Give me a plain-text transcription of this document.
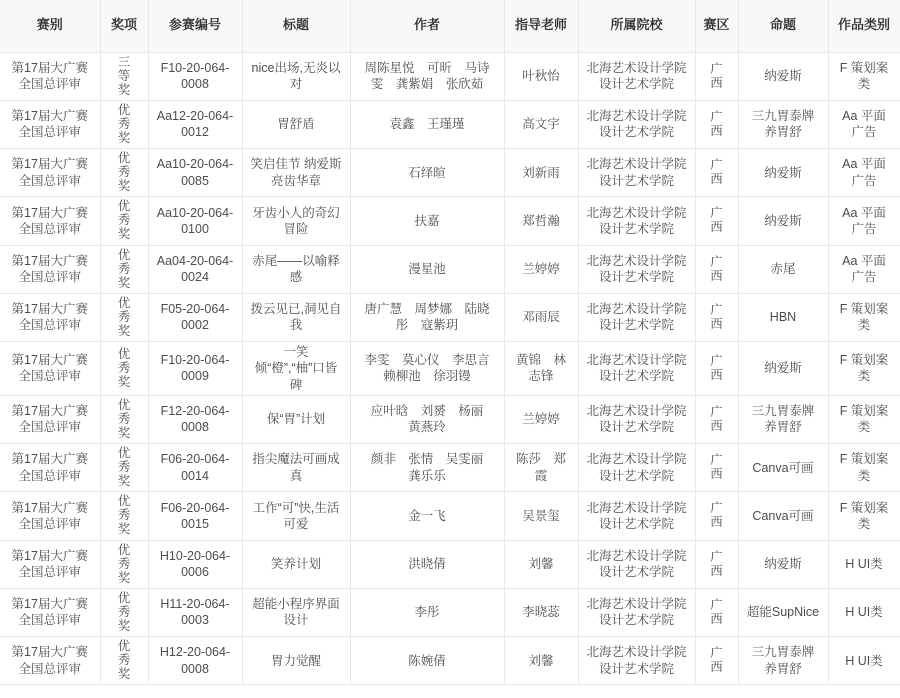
赛别	奖项	参赛编号	标题	作者	指导老师	所属院校	赛区	命题	作品类别
第17届大广赛全国总评审	三等奖	F10-20-064-0008	nice出场,无炎以对	周陈星悦　可昕　马诗雯　龚紫娟　张欣茹	叶秋怡	北海艺术设计学院设计艺术学院	广西	纳爱斯	F 策划案类
第17届大广赛全国总评审	优秀奖	Aa12-20-064-0012	胃舒盾	袁鑫　王瑾瑾	高文宇	北海艺术设计学院设计艺术学院	广西	三九胃泰牌养胃舒	Aa 平面广告
第17届大广赛全国总评审	优秀奖	Aa10-20-064-0085	笑启佳节 纳爱斯亮齿华章	石绎暄	刘新雨	北海艺术设计学院设计艺术学院	广西	纳爱斯	Aa 平面广告
第17届大广赛全国总评审	优秀奖	Aa10-20-064-0100	牙齿小人的奇幻冒险	扶嘉	郑哲瀚	北海艺术设计学院设计艺术学院	广西	纳爱斯	Aa 平面广告
第17届大广赛全国总评审	优秀奖	Aa04-20-064-0024	赤尾——以喻释感	漫星池	兰婷婷	北海艺术设计学院设计艺术学院	广西	赤尾	Aa 平面广告
第17届大广赛全国总评审	优秀奖	F05-20-064-0002	拨云见已,洞见自我	唐广慧　周梦娜　陆晓彤　寇紫玥	邓雨辰	北海艺术设计学院设计艺术学院	广西	HBN	F 策划案类
第17届大广赛全国总评审	优秀奖	F10-20-064-0009	一笑倾“橙”,“柚”口皆碑	李雯　莫心仪　李思言　赖柳池　徐羽镘	黄锦　林志锋	北海艺术设计学院设计艺术学院	广西	纳爱斯	F 策划案类
第17届大广赛全国总评审	优秀奖	F12-20-064-0008	保“胃”计划	应叶晗　刘赟　杨丽　黄燕玲	兰婷婷	北海艺术设计学院设计艺术学院	广西	三九胃泰牌养胃舒	F 策划案类
第17届大广赛全国总评审	优秀奖	F06-20-064-0014	指尖魔法可画成真	颜非　张情　吴雯丽　龚乐乐	陈莎　郑霞	北海艺术设计学院设计艺术学院	广西	Canva可画	F 策划案类
第17届大广赛全国总评审	优秀奖	F06-20-064-0015	工作“可”快,生活可爱	金一飞	吴景玺	北海艺术设计学院设计艺术学院	广西	Canva可画	F 策划案类
第17届大广赛全国总评审	优秀奖	H10-20-064-0006	笑养计划	洪晓倩	刘馨	北海艺术设计学院设计艺术学院	广西	纳爱斯	H UI类
第17届大广赛全国总评审	优秀奖	H11-20-064-0003	超能小程序界面设计	李彤	李晓蕊	北海艺术设计学院设计艺术学院	广西	超能SupNice	H UI类
第17届大广赛全国总评审	优秀奖	H12-20-064-0008	胃力觉醒	陈婉倩	刘馨	北海艺术设计学院设计艺术学院	广西	三九胃泰牌养胃舒	H UI类
